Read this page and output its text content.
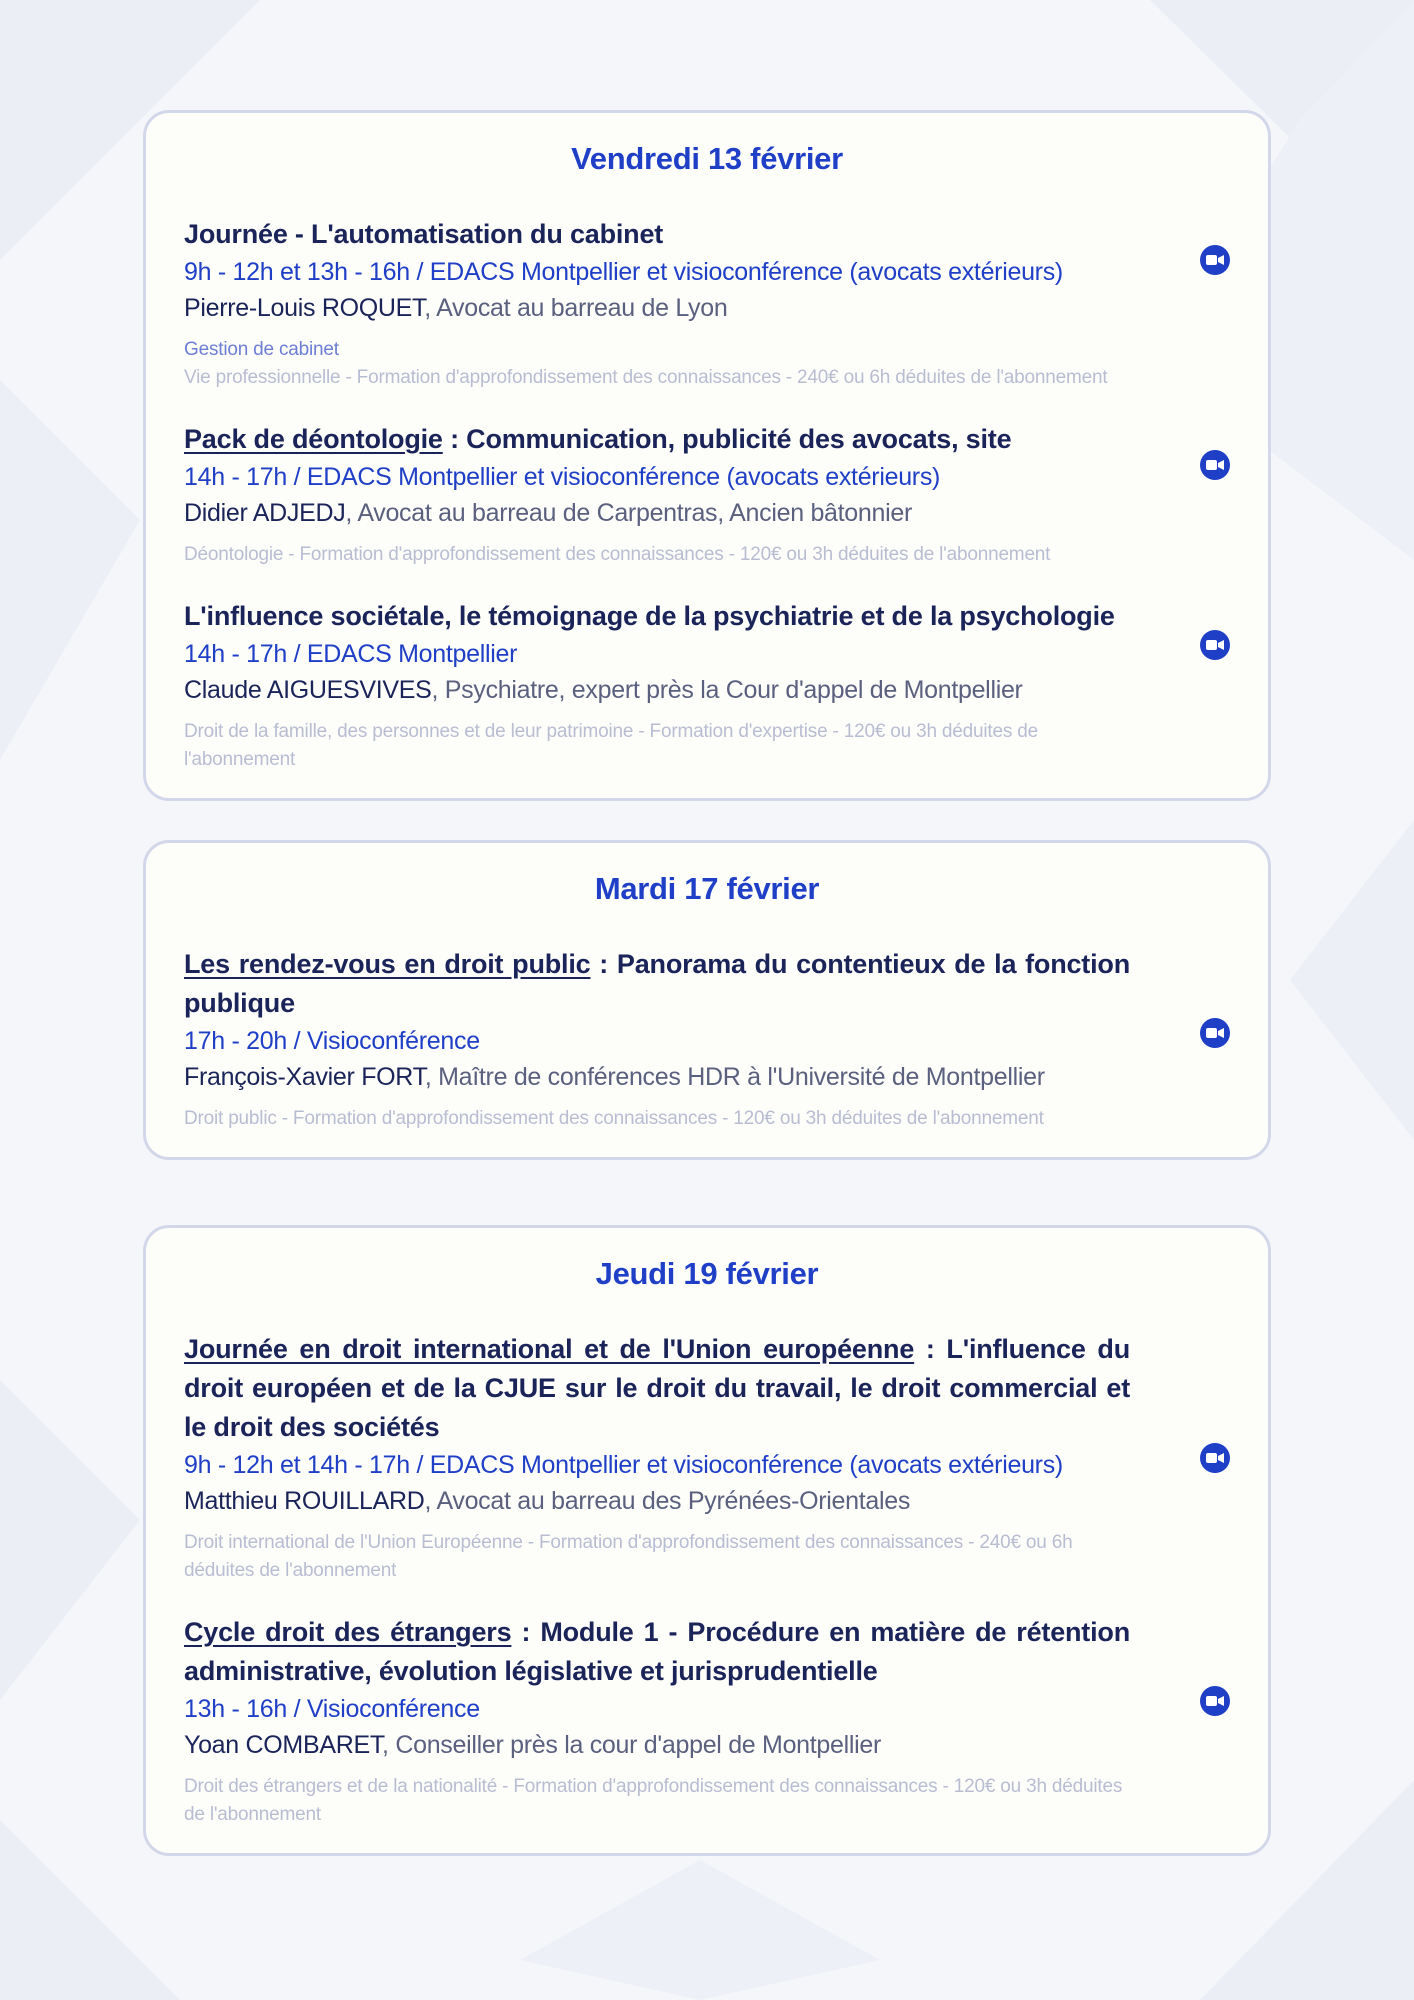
Vendredi 13 février
Journée - L'automatisation du cabinet
9h - 12h et 13h - 16h / EDACS Montpellier et visioconférence (avocats extérieurs)
Pierre-Louis ROQUET, Avocat au barreau de Lyon
Gestion de cabinet
Vie professionnelle - Formation d'approfondissement des connaissances - 240€ ou 6h déduites de l'abonnement
Pack de déontologie : Communication, publicité des avocats, site
14h - 17h / EDACS Montpellier et visioconférence (avocats extérieurs)
Didier ADJEDJ, Avocat au barreau de Carpentras, Ancien bâtonnier
Déontologie - Formation d'approfondissement des connaissances - 120€ ou 3h déduites de l'abonnement
L'influence sociétale, le témoignage de la psychiatrie et de la psychologie
14h - 17h / EDACS Montpellier
Claude AIGUESVIVES, Psychiatre, expert près la Cour d'appel de Montpellier
Droit de la famille, des personnes et de leur patrimoine - Formation d'expertise - 120€ ou 3h déduites de l'abonnement
Mardi 17 février
Les rendez-vous en droit public : Panorama du contentieux de la fonction publique
17h - 20h / Visioconférence
François-Xavier FORT, Maître de conférences HDR à l'Université de Montpellier
Droit public - Formation d'approfondissement des connaissances - 120€ ou 3h déduites de l'abonnement
Jeudi 19 février
Journée en droit international et de l'Union européenne : L'influence du droit européen et de la CJUE sur le droit du travail, le droit commercial et le droit des sociétés
9h - 12h et 14h - 17h / EDACS Montpellier et visioconférence (avocats extérieurs)
Matthieu ROUILLARD, Avocat au barreau des Pyrénées-Orientales
Droit international de l'Union Européenne - Formation d'approfondissement des connaissances - 240€ ou 6h déduites de l'abonnement
Cycle droit des étrangers : Module 1 - Procédure en matière de rétention administrative, évolution législative et jurisprudentielle
13h - 16h / Visioconférence
Yoan COMBARET, Conseiller près la cour d'appel de Montpellier
Droit des étrangers et de la nationalité - Formation d'approfondissement des connaissances - 120€ ou 3h déduites de l'abonnement
